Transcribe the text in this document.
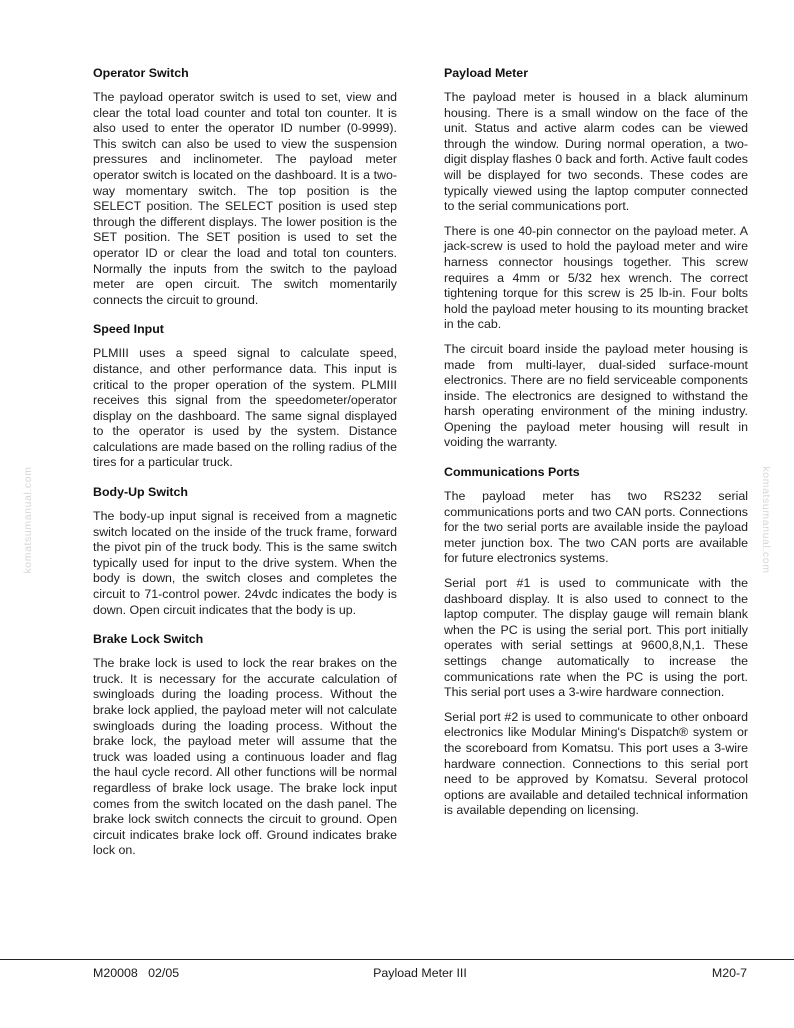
komatsumanual.com	komatsumanual.com
Operator Switch

The payload operator switch is used to set, view and clear the total load counter and total ton counter. It is also used to enter the operator ID number (0-9999). This switch can also be used to view the suspension pressures and inclinometer. The payload meter operator switch is located on the dashboard. It is a two-way momentary switch. The top position is the SELECT position. The SELECT position is used step through the different displays. The lower position is the SET position. The SET position is used to set the operator ID or clear the load and total ton counters. Normally the inputs from the switch to the payload meter are open circuit. The switch momentarily connects the circuit to ground.

Speed Input

PLMIII uses a speed signal to calculate speed, distance, and other performance data. This input is critical to the proper operation of the system. PLMIII receives this signal from the speedometer/operator display on the dashboard. The same signal displayed to the operator is used by the system. Distance calculations are made based on the rolling radius of the tires for a particular truck.

Body-Up Switch

The body-up input signal is received from a magnetic switch located on the inside of the truck frame, forward the pivot pin of the truck body. This is the same switch typically used for input to the drive system. When the body is down, the switch closes and completes the circuit to 71-control power. 24vdc indicates the body is down. Open circuit indicates that the body is up.

Brake Lock Switch

The brake lock is used to lock the rear brakes on the truck. It is necessary for the accurate calculation of swingloads during the loading process. Without the brake lock applied, the payload meter will not calculate swingloads during the loading process. Without the brake lock, the payload meter will assume that the truck was loaded using a continuous loader and flag the haul cycle record. All other functions will be normal regardless of brake lock usage. The brake lock input comes from the switch located on the dash panel. The brake lock switch connects the circuit to ground. Open circuit indicates brake lock off. Ground indicates brake lock on.

Payload Meter

The payload meter is housed in a black aluminum housing. There is a small window on the face of the unit. Status and active alarm codes can be viewed through the window. During normal operation, a two-digit display flashes 0 back and forth. Active fault codes will be displayed for two seconds. These codes are typically viewed using the laptop computer connected to the serial communications port.

There is one 40-pin connector on the payload meter. A jack-screw is used to hold the payload meter and wire harness connector housings together. This screw requires a 4mm or 5/32 hex wrench. The correct tightening torque for this screw is 25 lb-in. Four bolts hold the payload meter housing to its mounting bracket in the cab.

The circuit board inside the payload meter housing is made from multi-layer, dual-sided surface-mount electronics. There are no field serviceable components inside. The electronics are designed to withstand the harsh operating environment of the mining industry. Opening the payload meter housing will result in voiding the warranty.

Communications Ports

The payload meter has two RS232 serial communications ports and two CAN ports. Connections for the two serial ports are available inside the payload meter junction box. The two CAN ports are available for future electronics systems.

Serial port #1 is used to communicate with the dashboard display. It is also used to connect to the laptop computer. The display gauge will remain blank when the PC is using the serial port. This port initially operates with serial settings at 9600,8,N,1. These settings change automatically to increase the communications rate when the PC is using the port. This serial port uses a 3-wire hardware connection.

Serial port #2 is used to communicate to other onboard electronics like Modular Mining's Dispatch® system or the scoreboard from Komatsu. This port uses a 3-wire hardware connection. Connections to this serial port need to be approved by Komatsu. Several protocol options are available and detailed technical information is available depending on licensing.

M20008   02/05	Payload Meter III	M20-7
